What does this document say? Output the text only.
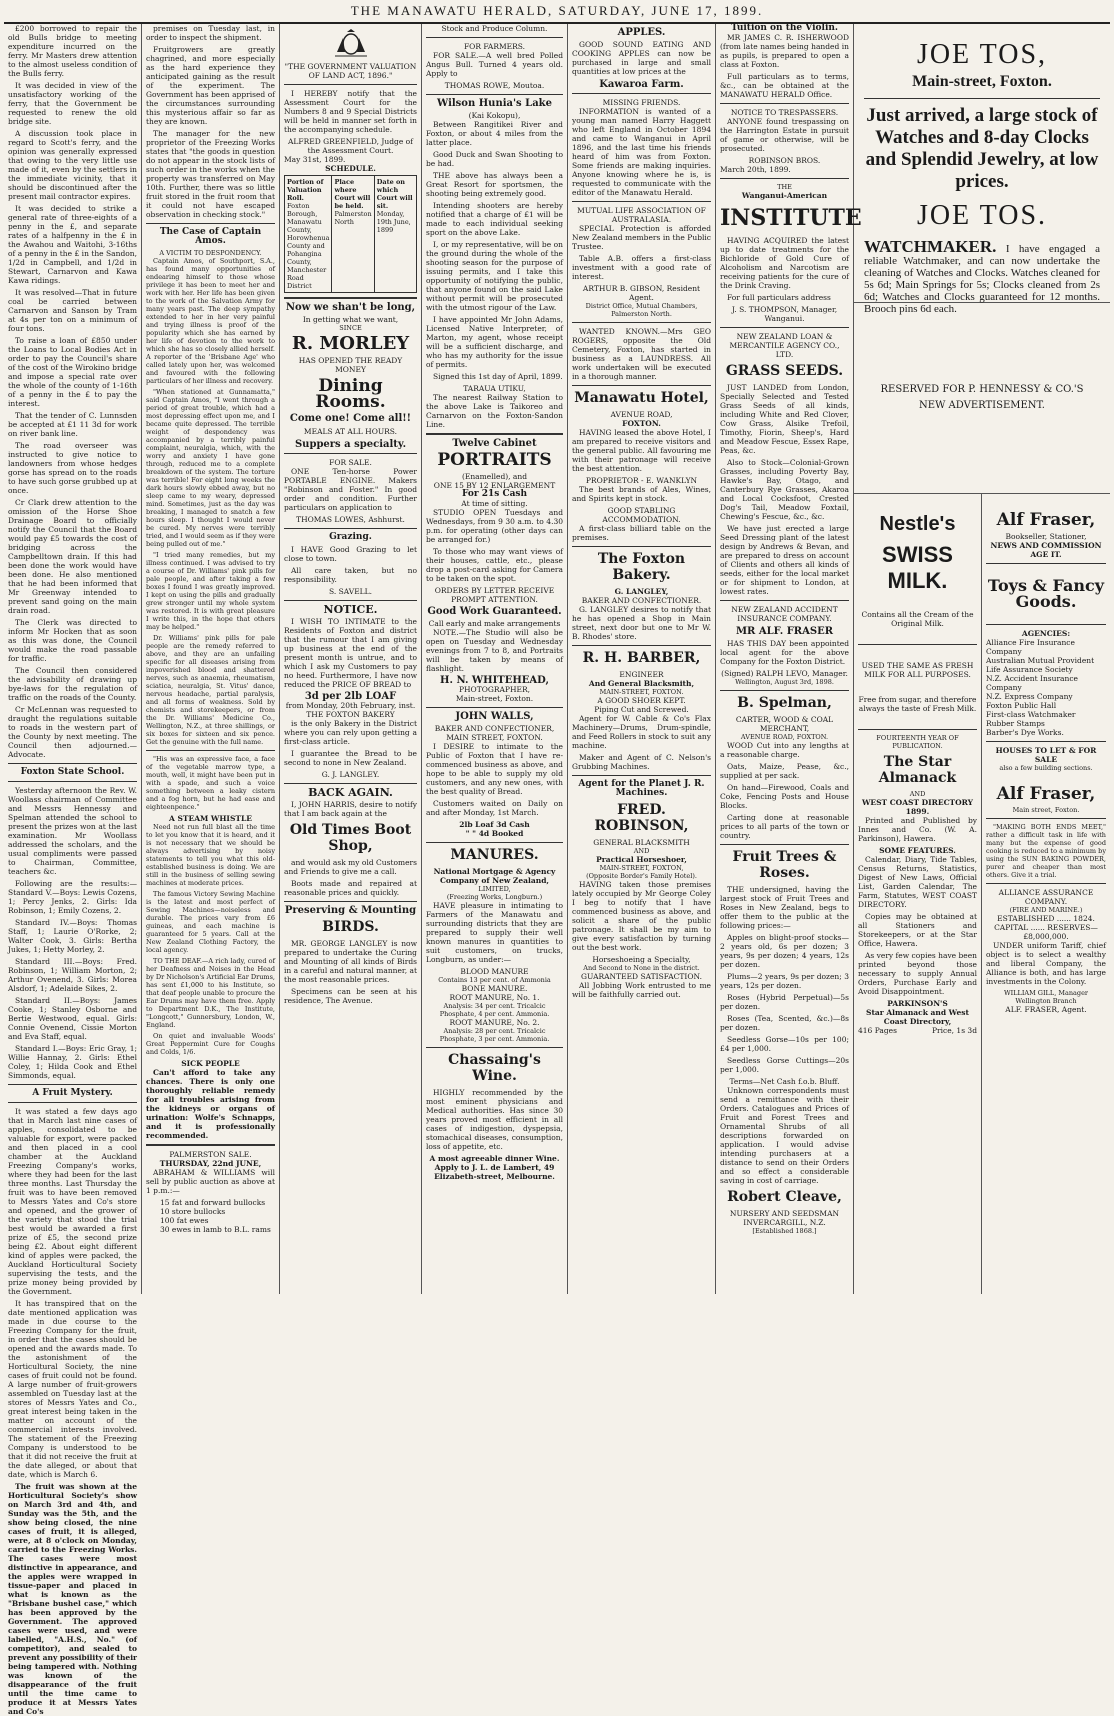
THE MANAWATU HERALD, SATURDAY, JUNE 17, 1899.

£200 borrowed to repair the old Bulls bridge to meeting expenditure incurred on the ferry. Mr Masters drew attention to the almost useless condition of the Bulls ferry.

It was decided in view of the unsatisfactory working of the ferry, that the Government be requested to renew the old bridge site.

A discussion took place in regard to Scott's ferry, and the opinion was generally expressed that owing to the very little use made of it, even by the settlers in the immediate vicinity, that it should be discontinued after the present mail contractor expires.

It was decided to strike a general rate of three-eights of a penny in the £, and separate rates of a halfpenny in the £ in the Awahou and Waitohi, 3-16ths of a penny in the £ in the Sandon, 1/2d in Campbell, and 1/2d in Stewart, Carnarvon and Kawa Kawa ridings.

It was resolved—That in future coal be carried between Carnarvon and Sanson by Tram at 4s per ton on a minimum of four tons.

To raise a loan of £850 under the Loans to Local Bodies Act in order to pay the Council's share of the cost of the Wirokino bridge and impose a special rate over the whole of the county of 1-16th of a penny in the £ to pay the interest.

That the tender of C. Lunnsden be accepted at £1 11 3d for work on river bank line.

The road overseer was instructed to give notice to landowners from whose hedges gorse has spread on to the roads to have such gorse grubbed up at once.

Cr Clark drew attention to the omission of the Horse Shoe Drainage Board to officially notify the Council that the Board would pay £5 towards the cost of bridging across the Campbelltown drain. If this had been done the work would have been done. He also mentioned that he had been informed that Mr Greenway intended to prevent sand going on the main drain road.

The Clerk was directed to inform Mr Hocken that as soon as this was done, the Council would make the road passable for traffic.

The Council then considered the advisability of drawing up bye-laws for the regulation of traffic on the roads of the County.

Cr McLennan was requested to draught the regulations suitable to roads in the western part of the County by next meeting. The Council then adjourned.—Advocate.

Foxton State School.

Yesterday afternoon the Rev. W. Woollass chairman of Committee and Messrs Hennessy and Spelman attended the school to present the prizes won at the last examination. Mr Woollass addressed the scholars, and the usual compliments were passed to Chairman, Committee, teachers &c.

Following are the results:— Standard V.—Boys: Lewis Cozens, 1; Percy Jenks, 2. Girls: Ida Robinson, 1; Emily Cozens, 2.

Standard IV.—Boys: Thomas Staff, 1; Laurie O'Rorke, 2; Walter Cook, 3. Girls: Bertha Jukes, 1; Hetty Morley, 2.

Standard III.—Boys: Fred. Robinson, 1; William Morton, 2; Arthur Ovenend, 3. Girls: Morea Alsdorf, 1; Adelaide Sikes, 2.

Standard II.—Boys: James Cooke, 1; Stanley Osborne and Bertie Westwood, equal. Girls: Connie Ovenend, Cissie Morton and Eva Staff, equal.

Standard I.—Boys: Eric Gray, 1; Willie Hannay, 2. Girls: Ethel Coley, 1; Hilda Cook and Ethel Simmonds, equal.

A Fruit Mystery.

It was stated a few days ago that in March last nine cases of apples, consolidated to be valuable for export, were packed and then placed in a cool chamber at the Auckland Freezing Company's works, where they had been for the last three months. Last Thursday the fruit was to have been removed to Messrs Yates and Co's store and opened, and the grower of the variety that stood the trial best would be awarded a first prize of £5, the second prize being £2. About eight different kind of apples were packed, the Auckland Horticultural Society supervising the tests, and the prize money being provided by the Government.

It has transpired that on the date mentioned application was made in due course to the Freezing Company for the fruit, in order that the cases should be opened and the awards made. To the astonishment of the Horticultural Society, the nine cases of fruit could not be found. A large number of fruit-growers assembled on Tuesday last at the stores of Messrs Yates and Co., great interest being taken in the matter on account of the commercial interests involved. The statement of the Freezing Company is understood to be that it did not receive the fruit at the date alleged, or about that date, which is March 6.

The fruit was shown at the Horticultural Society's show on March 3rd and 4th, and Sunday was the 5th, and the show being closed, the nine cases of fruit, it is alleged, were, at 8 o'clock on Monday, carried to the Freezing Works. The cases were most distinctive in appearance, and the apples were wrapped in tissue-paper and placed in what is known as the "Brisbane bushel case," which has been approved by the Government. The approved cases were used, and were labelled, "A.H.S., No." (of competitor), and sealed to prevent any possibility of their being tampered with. Nothing was known of the disappearance of the fruit until the time came to produce it at Messrs Yates and Co's

premises on Tuesday last, in order to inspect the shipment.

Fruitgrowers are greatly chagrined, and more especially as the hard experience they anticipated gaining as the result of the experiment. The Government has been apprised of the circumstances surrounding this mysterious affair so far as they are known.

The manager for the new proprietor of the Freezing Works states that "the goods in question do not appear in the stock lists of such order in the works when the property was transferred on May 10th. Further, there was so little fruit stored in the fruit room that it could not have escaped observation in checking stock."

The Case of Captain Amos.
A VICTIM TO DESPONDENCY.

Captain Amos, of Southport, S.A., has found many opportunities of endearing himself to those whose privilege it has been to meet her and work with her. Her life has been given to the work of the Salvation Army for many years past. The deep sympathy extended to her in her very painful and trying illness is proof of the popularity which she has earned by her life of devotion to the work to which she has so closely allied herself. A reporter of the 'Brisbane Age' who called lately upon her, was welcomed and favoured with the following particulars of her illness and recovery.

"When stationed at Gunnamatta," said Captain Amos, "I went through a period of great trouble, which had a most depressing effect upon me, and I became quite depressed. The terrible weight of despondency was accompanied by a terribly painful complaint, neuralgia, which, with the worry and anxiety I have gone through, reduced me to a complete breakdown of the system. The torture was terrible! For eight long weeks the dark hours slowly ebbed away, but no sleep came to my weary, depressed mind. Sometimes, just as the day was breaking, I managed to snatch a few hours sleep. I thought I would never be cured. My nerves were terribly tried, and I would seem as if they were being pulled out of me."

"I tried many remedies, but my illness continued. I was advised to try a course of Dr. Williams' pink pills for pale people, and after taking a few boxes I found I was greatly improved. I kept on using the pills and gradually grew stronger until my whole system was restored. It is with great pleasure I write this, in the hope that others may be helped."

Dr. Williams' pink pills for pale people are the remedy referred to above, and they are an unfailing specific for all diseases arising from impoverished blood and shattered nerves, such as anaemia, rheumatism, sciatica, neuralgia, St. Vitus' dance, nervous headache, partial paralysis, and all forms of weakness. Sold by chemists and storekeepers, or from the Dr. Williams' Medicine Co., Wellington, N.Z., at three shillings, or six boxes for sixteen and six pence. Get the genuine with the full name.

"His was an expressive face, a face of the vegetable marrow type, a mouth, well, it might have been put in with a spade, and such a voice something between a leaky cistern and a fog horn, but he had ease and eighteenpence."

A STEAM WHISTLE

Need not run full blast all the time to let you know that it is heard, and it is not necessary that we should be always advertising by noisy statements to tell you what this old-established business is doing. We are still in the business of selling sewing machines at moderate prices.

The famous Victory Sewing Machine is the latest and most perfect of Sewing Machines—noiseless and durable. The prices vary from £6 guineas, and each machine is guaranteed for 5 years. Call at the New Zealand Clothing Factory, the local agency.

TO THE DEAF.—A rich lady, cured of her Deafness and Noises in the Head by Dr Nicholson's Artificial Ear Drums, has sent £1,000 to his Institute, so that deaf people unable to procure the Ear Drums may have them free. Apply to Department D.K., The Institute, "Longcott," Gunnersbury, London, W., England.

On quiet and invaluable Woods' Great Peppermint Cure for Coughs and Colds, 1/6.

SICK PEOPLE

Can't afford to take any chances. There is only one thoroughly reliable remedy for all troubles arising from the kidneys or organs of urination: Wolfe's Schnapps, and it is professionally recommended.

PALMERSTON SALE.
THURSDAY, 22nd JUNE,

ABRAHAM & WILLIAMS will sell by public auction as above at 1 p.m.:—

15 fat and forward bullocks
10 store bullocks
100 fat ewes
30 ewes in lamb to B.L. rams
"THE GOVERNMENT VALUATION OF LAND ACT, 1896."

I HEREBY notify that the Assessment Court for the Numbers 8 and 9 Special Districts will be held in manner set forth in the accompanying schedule.

ALFRED GREENFIELD, Judge of the Assessment Court.
May 31st, 1899.
SCHEDULE.
Portion of Valuation Roll.
Foxton Borough, Manawatu County, Horowhenua County and Pohangina County, Manchester Road District
Place where Court will be held.
Palmerston North
Date on which Court will sit.
Monday, 19th June, 1899
Now we shan't be long,
In getting what we want,
SINCE
R. MORLEY
HAS OPENED THE READY MONEY
Dining Rooms.
Come one! Come all!!
MEALS AT ALL HOURS.
Suppers a specialty.
FOR SALE.

ONE Ten-horse Power PORTABLE ENGINE. Makers "Robinson and Foster." In good order and condition. Further particulars on application to

THOMAS LOWES, Ashhurst.
Grazing.

I HAVE Good Grazing to let close to town.

All care taken, but no responsibility.

S. SAVELL.
NOTICE.

I WISH TO INTIMATE to the Residents of Foxton and district that the rumour that I am giving up business at the end of the present month is untrue, and to which I ask my Customers to pay no heed. Furthermore, I have now reduced the PRICE OF BREAD to

3d per 2lb LOAF
from Monday, 20th February, inst.
THE FOXTON BAKERY

is the only Bakery in the District where you can rely upon getting a first-class article.

I guarantee the Bread to be second to none in New Zealand.

G. J. LANGLEY.
BACK AGAIN.

I, JOHN HARRIS, desire to notify that I am back again at the

Old Times Boot Shop,

and would ask my old Customers and Friends to give me a call.

Boots made and repaired at reasonable prices and quickly.

Preserving & Mounting
BIRDS.

MR. GEORGE LANGLEY is now prepared to undertake the Curing and Mounting of all kinds of Birds in a careful and natural manner, at the most reasonable prices.

Specimens can be seen at his residence, The Avenue.

Stock and Produce Column.
FOR FARMERS.

FOR SALE.—A well bred Polled Angus Bull. Turned 4 years old. Apply to

THOMAS ROWE, Moutoa.
Wilson Hunia's Lake
(Kai Kokopu),

Between Rangitikei River and Foxton, or about 4 miles from the latter place.

Good Duck and Swan Shooting to be had.

THE above has always been a Great Resort for sportsmen, the shooting being extremely good.

Intending shooters are hereby notified that a charge of £1 will be made to each individual seeking sport on the above Lake.

I, or my representative, will be on the ground during the whole of the shooting season for the purpose of issuing permits, and I take this opportunity of notifying the public, that anyone found on the said Lake without permit will be prosecuted with the utmost rigour of the Law.

I have appointed Mr John Adams, Licensed Native Interpreter, of Marton, my agent, whose receipt will be a sufficient discharge, and who has my authority for the issue of permits.

Signed this 1st day of April, 1899.

TARAUA UTIKU,

The nearest Railway Station to the above Lake is Taikoreo and Carnarvon on the Foxton-Sandon Line.

Twelve Cabinet
PORTRAITS
(Enamelled), and
ONE 15 BY 12 ENLARGEMENT
For 21s Cash
At time of sitting.

STUDIO OPEN Tuesdays and Wednesdays, from 9 30 a.m. to 4.30 p.m. for operating (other days can be arranged for.)

To those who may want views of their houses, cattle, etc., please drop a post-card asking for Camera to be taken on the spot.

ORDERS BY LETTER RECEIVE PROMPT ATTENTION.
Good Work Guaranteed.
Call early and make arrangements

NOTE.—The Studio will also be open on Tuesday and Wednesday evenings from 7 to 8, and Portraits will be taken by means of flashlight.

H. N. WHITEHEAD,
PHOTOGRAPHER,
Main-street, Foxton.
JOHN WALLS,
BAKER AND CONFECTIONER,
MAIN STREET, FOXTON.

I DESIRE to intimate to the Public of Foxton that I have re-commenced business as above, and hope to be able to supply my old customers, and any new ones, with the best quality of Bread.

Customers waited on Daily on and after Monday, 1st March.

2lb Loaf 3d Cash
" " 4d Booked
MANURES.
National Mortgage & Agency Company of New Zealand,
LIMITED,
(Freezing Works, Longburn.)

HAVE pleasure in intimating to Farmers of the Manawatu and surrounding districts that they are prepared to supply their well known manures in quantities to suit customers, on trucks, Longburn, as under:—

BLOOD MANURE
Contains 13 per cent. of Ammonia
BONE MANURE.
ROOT MANURE, No. 1.
Analysis: 34 per cent. Tricalcic Phosphate, 4 per cent. Ammonia.
ROOT MANURE, No. 2.
Analysis: 28 per cent. Tricalcic Phosphate, 3 per cent. Ammonia.
Chassaing's Wine.

HIGHLY recommended by the most eminent physicians and Medical authorities. Has since 30 years proved most efficient in all cases of indigestion, dyspepsia, stomachical diseases, consumption, loss of appetite, etc.

A most agreeable dinner Wine.
Apply to J. L. de Lambert, 49 Elizabeth-street, Melbourne.
APPLES.

GOOD SOUND EATING AND COOKING APPLES can now be purchased in large and small quantities at low prices at the

Kawaroa Farm.
MISSING FRIENDS.

INFORMATION is wanted of a young man named Harry Haggett who left England in October 1894 and came to Wanganui in April 1896, and the last time his friends heard of him was from Foxton. Some friends are making inquiries. Anyone knowing where he is, is requested to communicate with the editor of the Manawatu Herald.

MUTUAL LIFE ASSOCIATION OF AUSTRALASIA.

SPECIAL Protection is afforded New Zealand members in the Public Trustee.

Table A.B. offers a first-class investment with a good rate of interest.

ARTHUR B. GIBSON, Resident Agent.
District Office, Mutual Chambers, Palmerston North.

WANTED KNOWN.—Mrs GEO ROGERS, opposite the Old Cemetery, Foxton, has started in business as a LAUNDRESS. All work undertaken will be executed in a thorough manner.

Manawatu Hotel,
AVENUE ROAD,
FOXTON.

HAVING leased the above Hotel, I am prepared to receive visitors and the general public. All favouring me with their patronage will receive the best attention.

PROPRIETOR - E. WANKLYN

The best brands of Ales, Wines, and Spirits kept in stock.

GOOD STABLING ACCOMMODATION.

A first-class billiard table on the premises.

The Foxton Bakery.
G. LANGLEY,
BAKER AND CONFECTIONER.

G. LANGLEY desires to notify that he has opened a Shop in Main street, next door but one to Mr W. B. Rhodes' store.

R. H. BARBER,
ENGINEER
And General Blacksmith,
MAIN-STREET, FOXTON.
A GOOD SHOER KEPT.
Piping Cut and Screwed.

Agent for W. Cable & Co's Flax Machinery—Drums, Drum-spindle, and Feed Rollers in stock to suit any machine.

Maker and Agent of C. Nelson's Grubbing Machines.

Agent for the Planet J. R. Machines.
FRED. ROBINSON,
GENERAL BLACKSMITH
AND
Practical Horseshoer,
MAIN-STREET, FOXTON,
(Opposite Border's Family Hotel).

HAVING taken those premises lately occupied by Mr George Coley I beg to notify that I have commenced business as above, and solicit a share of the public patronage. It shall be my aim to give every satisfaction by turning out the best work.

Horseshoeing a Specialty,
And Second to None in the district.
GUARANTEED SATISFACTION.

All Jobbing Work entrusted to me will be faithfully carried out.

Tuition on the Violin.

MR JAMES C. R. ISHERWOOD (from late names being handed in as pupils, is prepared to open a class at Foxton.

Full particulars as to terms, &c., can be obtained at the MANAWATU HERALD Office.

NOTICE TO TRESPASSERS.

ANYONE found trespassing on the Harrington Estate in pursuit of game or otherwise, will be prosecuted.

ROBINSON BROS.
March 20th, 1899.
THE
Wanganui-American
INSTITUTE

HAVING ACQUIRED the latest up to date treatments for the Bichloride of Gold Cure of Alcoholism and Narcotism are receiving patients for the cure of the Drink Craving.

For full particulars address

J. S. THOMPSON, Manager, Wanganui.
NEW ZEALAND LOAN & MERCANTILE AGENCY CO., LTD.
GRASS SEEDS.

JUST LANDED from London, Specially Selected and Tested Grass Seeds of all kinds, including White and Red Clover, Cow Grass, Alsike Trefoil, Timothy, Fiorin, Sheep's, Hard and Meadow Fescue, Essex Rape, Peas, &c.

Also to Stock—Colonial-Grown Grasses, including Poverty Bay, Hawke's Bay, Otago, and Canterbury Rye Grasses, Akaroa and Local Cocksfoot, Crested Dog's Tail, Meadow Foxtail, Chewing's Fescue, &c., &c.

We have just erected a large Seed Dressing plant of the latest design by Andrews & Bevan, and are prepared to dress on account of Clients and others all kinds of seeds, either for the local market or for shipment to London, at lowest rates.

NEW ZEALAND ACCIDENT INSURANCE COMPANY.
MR ALF. FRASER

HAS THIS DAY been appointed local agent for the above Company for the Foxton District.

(Signed) RALPH LEVO, Manager.
Wellington, August 3rd, 1898.
B. Spelman,
CARTER, WOOD & COAL MERCHANT,
AVENUE ROAD, FOXTON.

WOOD Cut into any lengths at a reasonable charge.

Oats, Maize, Pease, &c., supplied at per sack.

On hand—Firewood, Coals and Coke, Fencing Posts and House Blocks.

Carting done at reasonable prices to all parts of the town or country.

Fruit Trees & Roses.

THE undersigned, having the largest stock of Fruit Trees and Roses in New Zealand, begs to offer them to the public at the following prices:—

Apples on blight-proof stocks—2 years old, 6s per dozen; 3 years, 9s per dozen; 4 years, 12s per dozen.

Plums—2 years, 9s per dozen; 3 years, 12s per dozen.

Roses (Hybrid Perpetual)—5s per dozen.

Roses (Tea, Scented, &c.)—8s per dozen.

Seedless Gorse—10s per 100; £4 per 1,000.

Seedless Gorse Cuttings—20s per 1,000.

Terms—Net Cash f.o.b. Bluff.

Unknown correspondents must send a remittance with their Orders. Catalogues and Prices of Fruit and Forest Trees and Ornamental Shrubs of all descriptions forwarded on application. I would advise intending purchasers at a distance to send on their Orders and so effect a considerable saving in cost of carriage.

Robert Cleave,
NURSERY AND SEEDSMAN
INVERCARGILL, N.Z.
[Established 1868.]
JOE TOS,
Main-street, Foxton.
Just arrived, a large stock of Watches and 8-day Clocks and Splendid Jewelry, at low prices.
JOE TOS.
WATCHMAKER. I have engaged a reliable Watchmaker, and can now undertake the cleaning of Watches and Clocks. Watches cleaned for 5s 6d; Main Springs for 5s; Clocks cleaned from 2s 6d; Watches and Clocks guaranteed for 12 months. Brooch pins 6d each.
RESERVED FOR P. HENNESSY & CO.'S NEW ADVERTISEMENT.
Nestle's
SWISS MILK.
Contains all the Cream of the Original Milk.
USED THE SAME AS FRESH MILK FOR ALL PURPOSES.
Free from sugar, and therefore always the taste of Fresh Milk.
FOURTEENTH YEAR OF PUBLICATION.
The Star Almanack
AND
WEST COAST DIRECTORY 1899.

Printed and Published by Innes and Co. (W. A. Parkinson), Hawera.

SOME FEATURES.

Calendar, Diary, Tide Tables, Census Returns, Statistics, Digest of New Laws, Official List, Garden Calendar, The Farm, Statutes, WEST COAST DIRECTORY.

Copies may be obtained at all Stationers and Storekeepers, or at the Star Office, Hawera.

As very few copies have been printed beyond those necessary to supply Annual Orders, Purchase Early and Avoid Disappointment.

PARKINSON'S
Star Almanack and West Coast Directory,
416 Pages	Price, 1s 3d
Alf Fraser,
Bookseller, Stationer,
NEWS AND COMMISSION AGE IT.
Toys & Fancy Goods.
AGENCIES:
Alliance Fire Insurance Company
Australian Mutual Provident Life Assurance Society
N.Z. Accident Insurance Company
N.Z. Express Company
Foxton Public Hall
First-class Watchmaker
Rubber Stamps
Barber's Dye Works.
HOUSES TO LET & FOR SALE
also a few building sections.
Alf Fraser,
Main street, Foxton.

"MAKING BOTH ENDS MEET," rather a difficult task in life with many but the expense of good cooking is reduced to a minimum by using the SUN BAKING POWDER, purer and cheaper than most others. Give it a trial.

ALLIANCE ASSURANCE COMPANY.
(FIRE AND MARINE.)
ESTABLISHED ...... 1824.
CAPITAL ...... RESERVES— £8,000,000.

UNDER uniform Tariff, chief object is to select a wealthy and liberal Company, the Alliance is both, and has large investments in the Colony.

WILLIAM GILL, Manager Wellington Branch
ALF. FRASER, Agent.
